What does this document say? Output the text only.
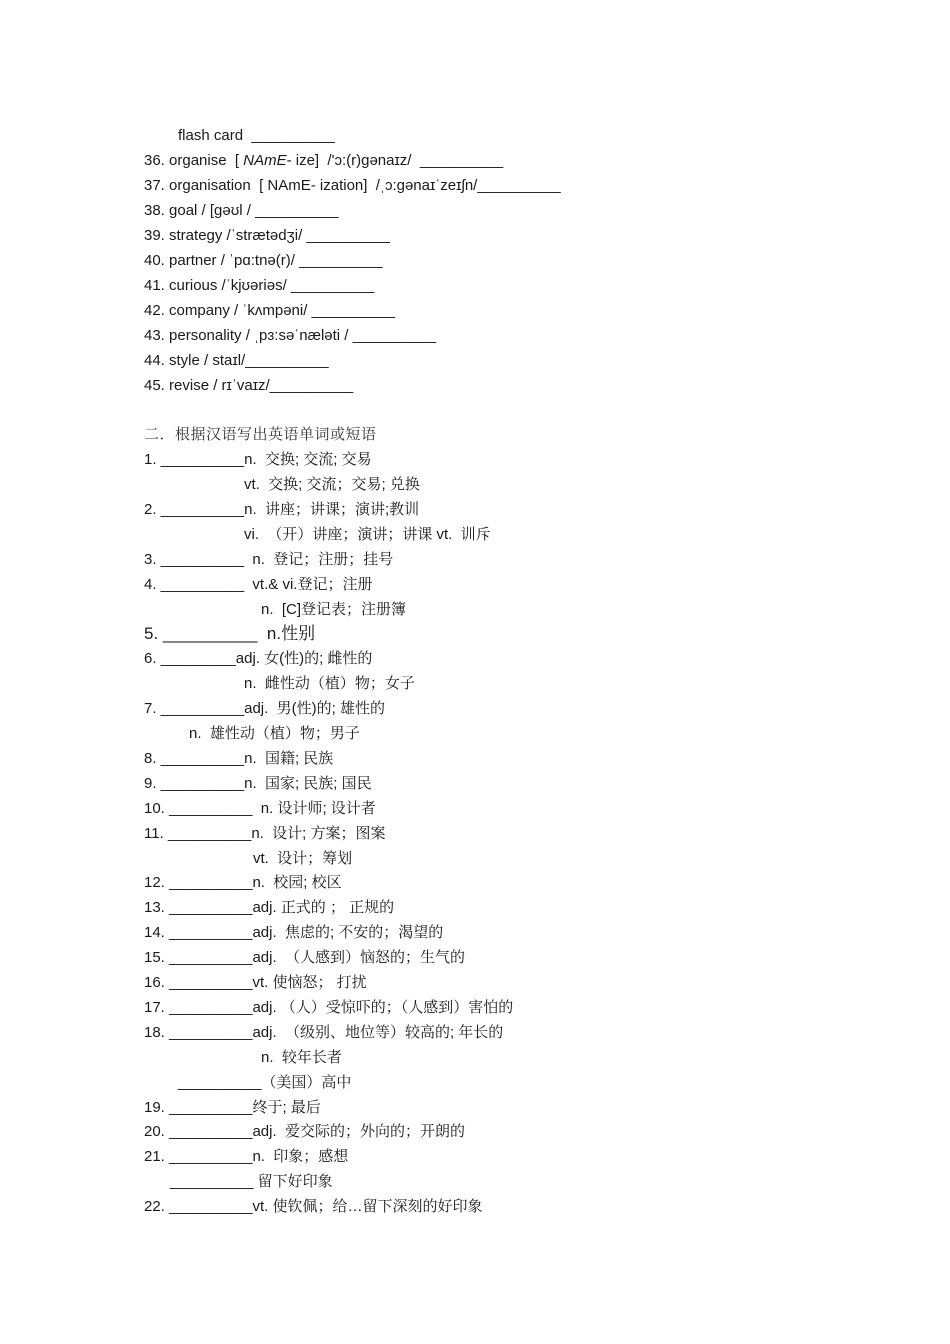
flash card  __________
36. organise  [ NAmE- ize]  /'ɔ:(r)ɡənaɪz/  __________
37. organisation  [ NAmE- ization]  /ˌɔ:ɡənaɪˈzeɪʃn/__________
38. goal / [ɡəʊl / __________
39. strategy /ˈstrætədʒi/ __________
40. partner / ˈpɑ:tnə(r)/ __________
41. curious /ˈkjʊəriəs/ __________
42. company / ˈkʌmpəni/ __________
43. personality / ˌpɜ:səˈnæləti / __________
44. style / staɪl/__________
45. revise / rɪˈvaɪz/__________
二．根据汉语写出英语单词或短语
1. __________n.  交换; 交流; 交易
vt.  交换; 交流；交易; 兑换
2. __________n.  讲座；讲课；演讲;教训
vi.  （开）讲座；演讲；讲课 vt.  训斥
3. __________  n.  登记；注册；挂号
4. __________  vt.& vi.登记；注册
n.  [C]登记表；注册簿
5. __________  n.性别
6. _________adj. 女(性)的; 雌性的
n.  雌性动（植）物；女子
7. __________adj.  男(性)的; 雄性的
n.  雄性动（植）物；男子
8. __________n.  国籍; 民族
9. __________n.  国家; 民族; 国民
10. __________  n. 设计师; 设计者
11. __________n.  设计; 方案；图案
vt.  设计；筹划
12. __________n.  校园; 校区
13. __________adj. 正式的 ； 正规的
14. __________adj.  焦虑的; 不安的；渴望的
15. __________adj.  （人感到）恼怒的；生气的
16. __________vt. 使恼怒； 打扰
17. __________adj. （人）受惊吓的；（人感到）害怕的
18. __________adj.  （级别、地位等）较高的; 年长的
n.  较年长者
__________（美国）高中
19. __________终于; 最后
20. __________adj.  爱交际的；外向的；开朗的
21. __________n.  印象；感想
__________ 留下好印象
22. __________vt. 使钦佩；给…留下深刻的好印象
